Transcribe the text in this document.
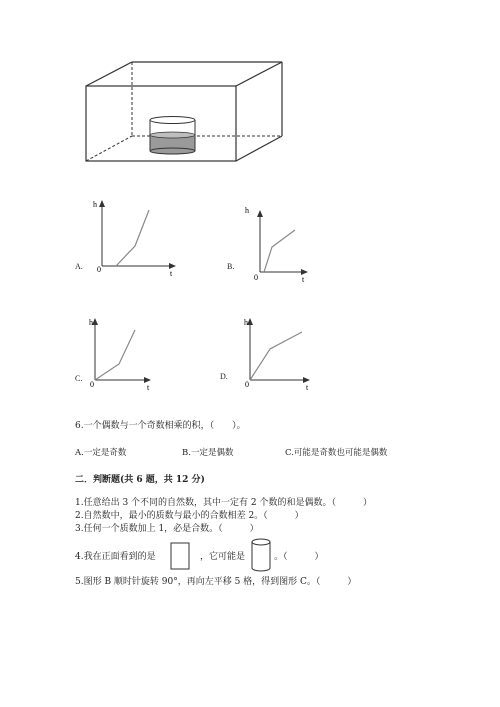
A.
h
t
0	B.
h
t
0
C.
h
t
0
D.
h
t
0
6.一个偶数与一个奇数相乘的积，（　　）。
A.一定是奇数	B.一定是偶数	C.可能是奇数也可能是偶数
二．判断题(共 6 题，共 12 分)
1.任意给出 3 个不同的自然数，其中一定有 2 个数的和是偶数。（　　　）
2.自然数中，最小的质数与最小的合数相差 2。（　　　）
3.任何一个质数加上 1，必是合数。（　　　）
4.我在正面看到的是	，它可能是	。（　　　）
5.图形 B 顺时针旋转 90°，再向左平移 5 格，得到图形 C。（　　　）
